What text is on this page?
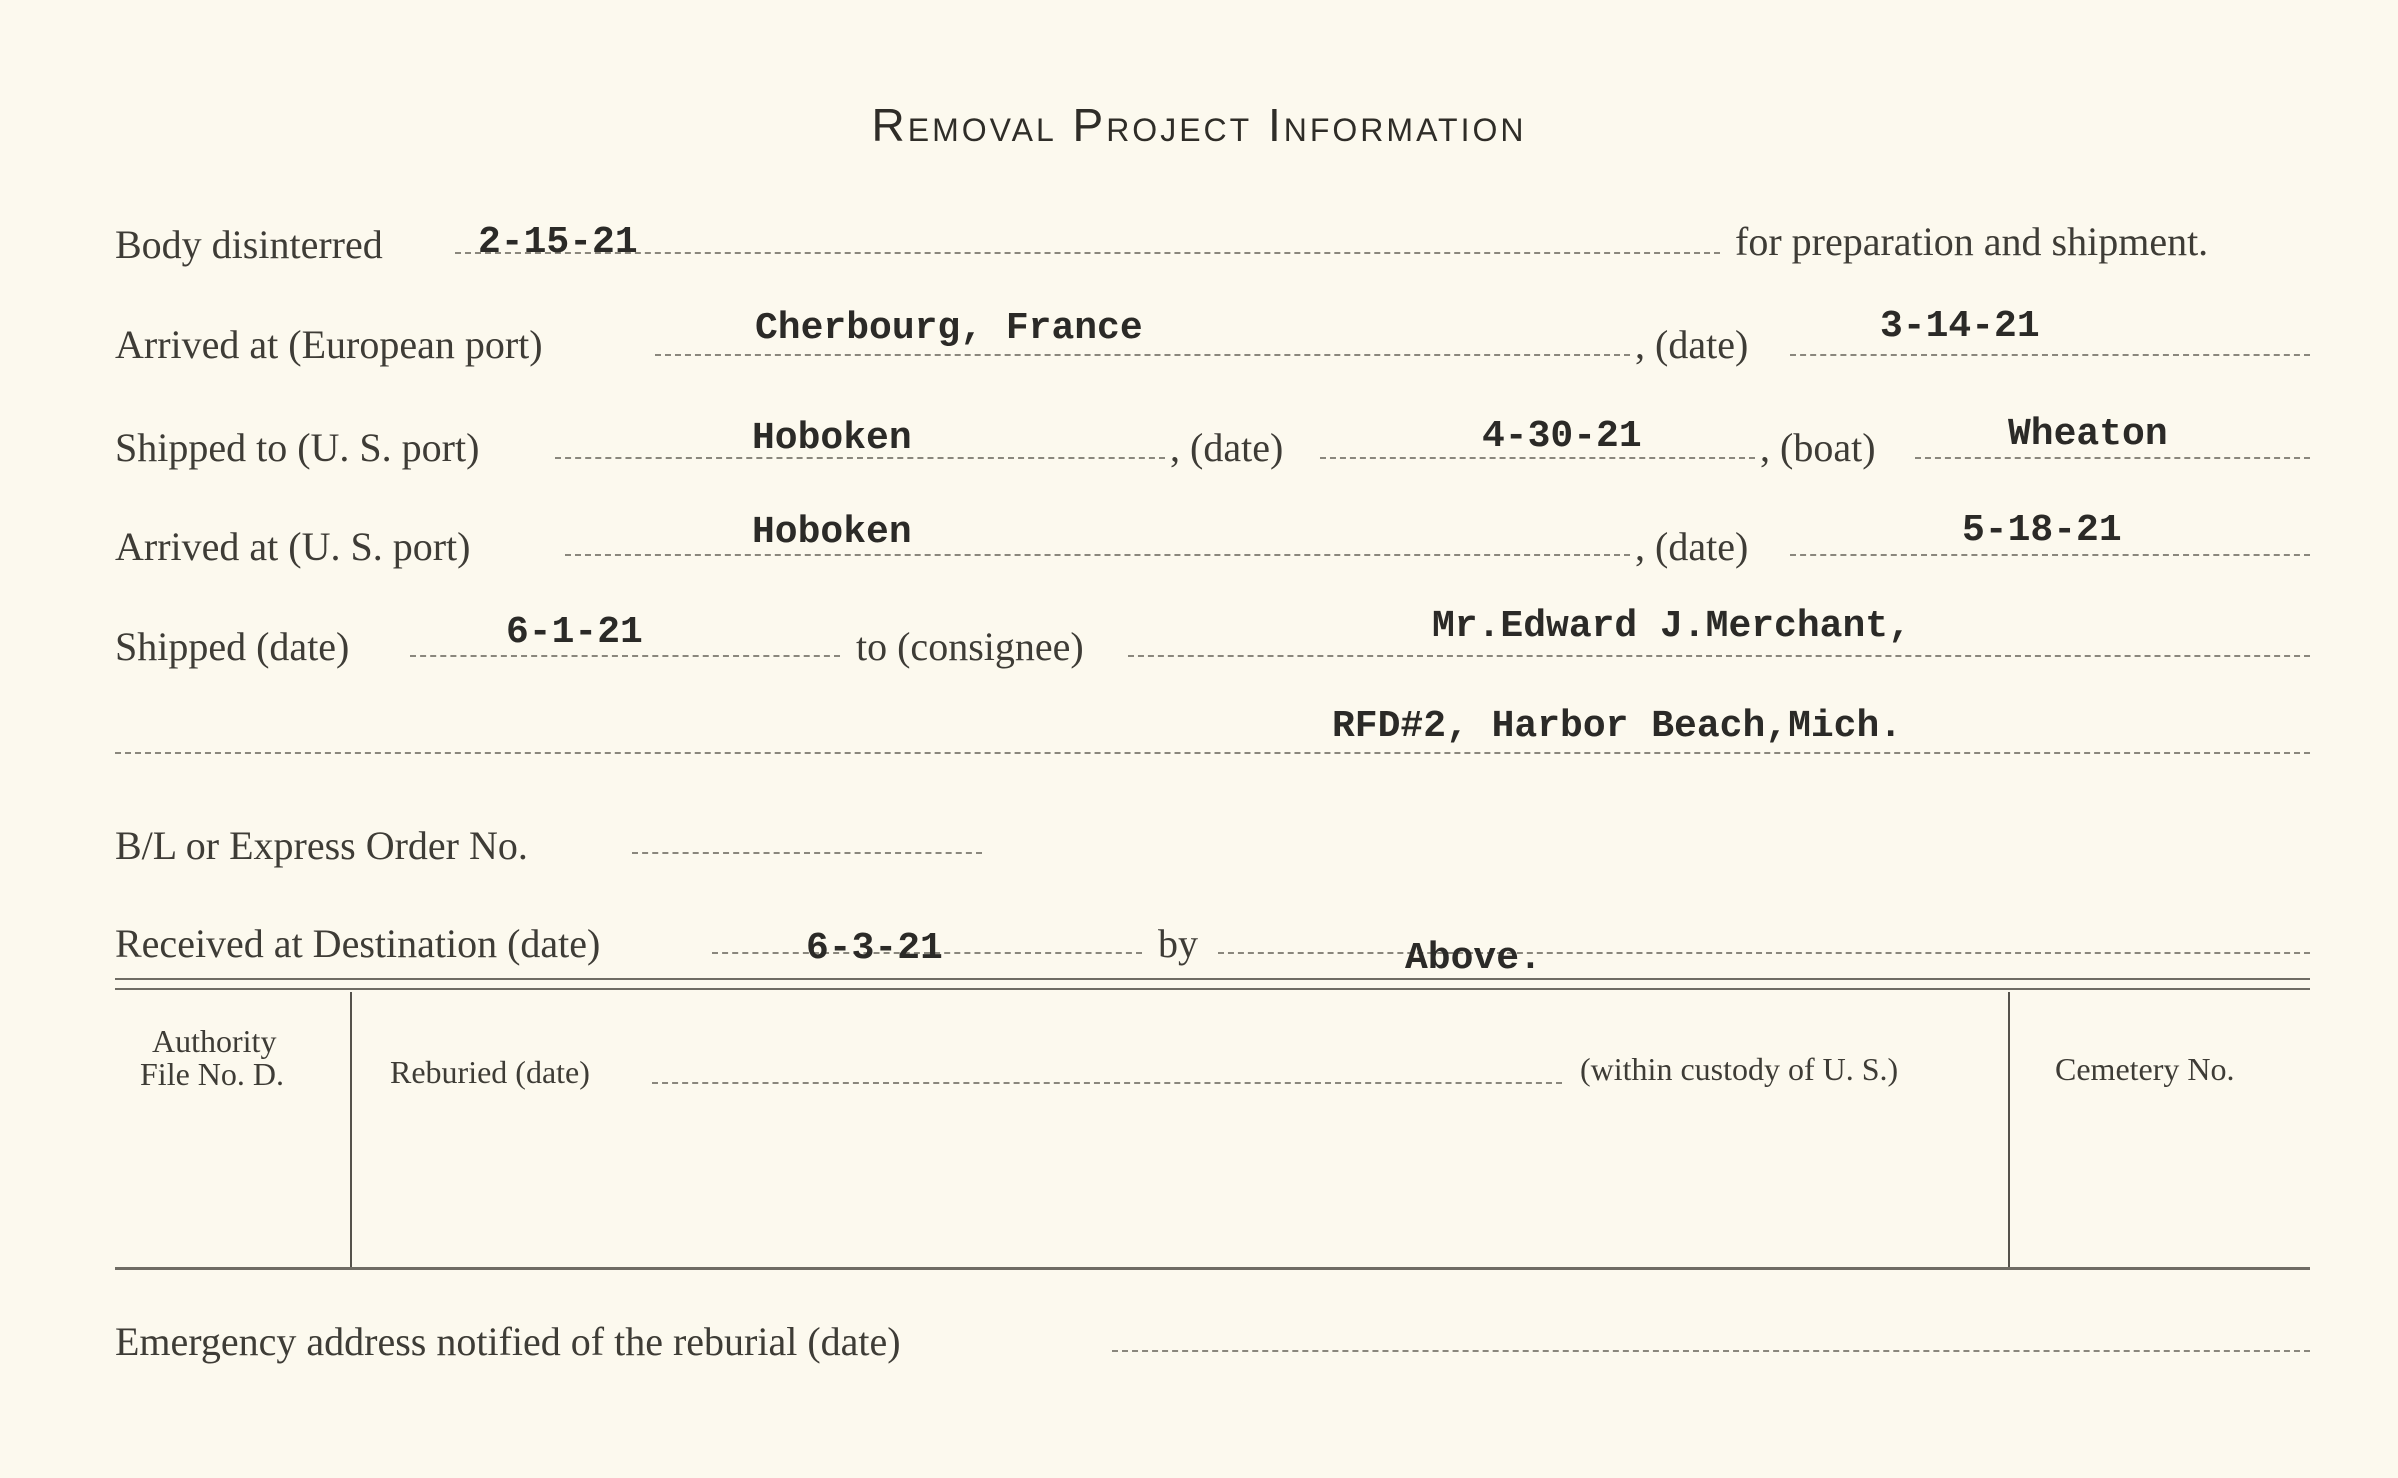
Removal Project Information
Body disinterred	2-15-21	for preparation and shipment.
Arrived at (European port)	Cherbourg, France	, (date)	3-14-21
Shipped to (U. S. port)	Hoboken	, (date)	4-30-21	, (boat)	Wheaton
Arrived at (U. S. port)	Hoboken	, (date)	5-18-21
Shipped (date)	6-1-21	to (consignee)	Mr.Edward J.Merchant,
RFD#2, Harbor Beach,Mich.
B/L or Express Order No.
Received at Destination (date)	6-3-21	by	Above.
Authority
File No. D.	Reburied (date)	(within custody of U. S.)	Cemetery No.
Emergency address notified of the reburial (date)
